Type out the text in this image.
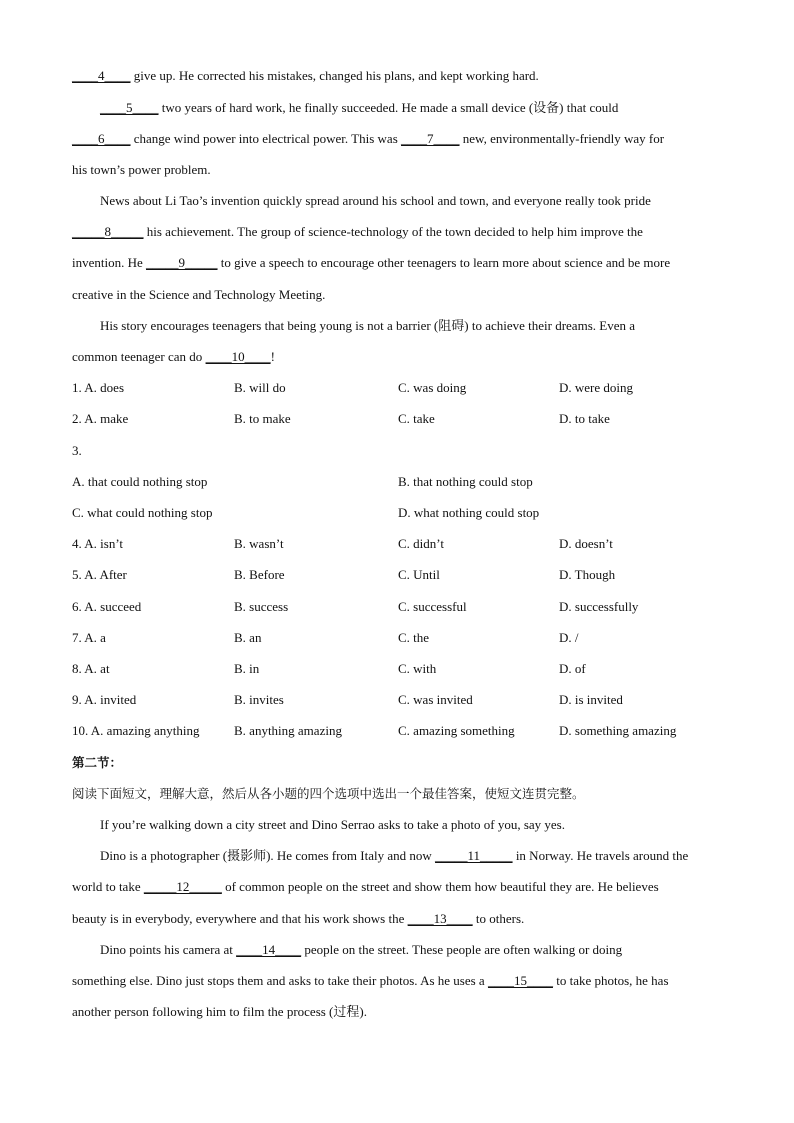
____4____ give up. He corrected his mistakes, changed his plans, and kept working hard.
____5____ two years of hard work, he finally succeeded. He made a small device (设备) that could
____6____ change wind power into electrical power. This was ____7____ new, environmentally-friendly way for
his town’s power problem.
News about Li Tao’s invention quickly spread around his school and town, and everyone really took pride
_____8_____ his achievement. The group of science-technology of the town decided to help him improve the
invention. He _____9_____ to give a speech to encourage other teenagers to learn more about science and be more
creative in the Science and Technology Meeting.
His story encourages teenagers that being young is not a barrier (阻碍) to achieve their dreams. Even a
common teenager can do ____10____!
1. A. does	B. will do	C. was doing	D. were doing
2. A. make	B. to make	C. take	D. to take
3.
A. that could nothing stop	B. that nothing could stop
C. what could nothing stop	D. what nothing could stop
4. A. isn’t	B. wasn’t	C. didn’t	D. doesn’t
5. A. After	B. Before	C. Until	D. Though
6. A. succeed	B. success	C. successful	D. successfully
7. A. a	B. an	C. the	D. /
8. A. at	B. in	C. with	D. of
9. A. invited	B. invites	C. was invited	D. is invited
10. A. amazing anything	B. anything amazing	C. amazing something	D. something amazing
第二节：
阅读下面短文，理解大意，然后从各小题的四个选项中选出一个最佳答案，使短文连贯完整。
If you’re walking down a city street and Dino Serrao asks to take a photo of you, say yes.
Dino is a photographer (摄影师). He comes from Italy and now _____11_____ in Norway. He travels around the
world to take _____12_____ of common people on the street and show them how beautiful they are. He believes
beauty is in everybody, everywhere and that his work shows the ____13____ to others.
Dino points his camera at ____14____ people on the street. These people are often walking or doing
something else. Dino just stops them and asks to take their photos. As he uses a ____15____ to take photos, he has
another person following him to film the process (过程).
